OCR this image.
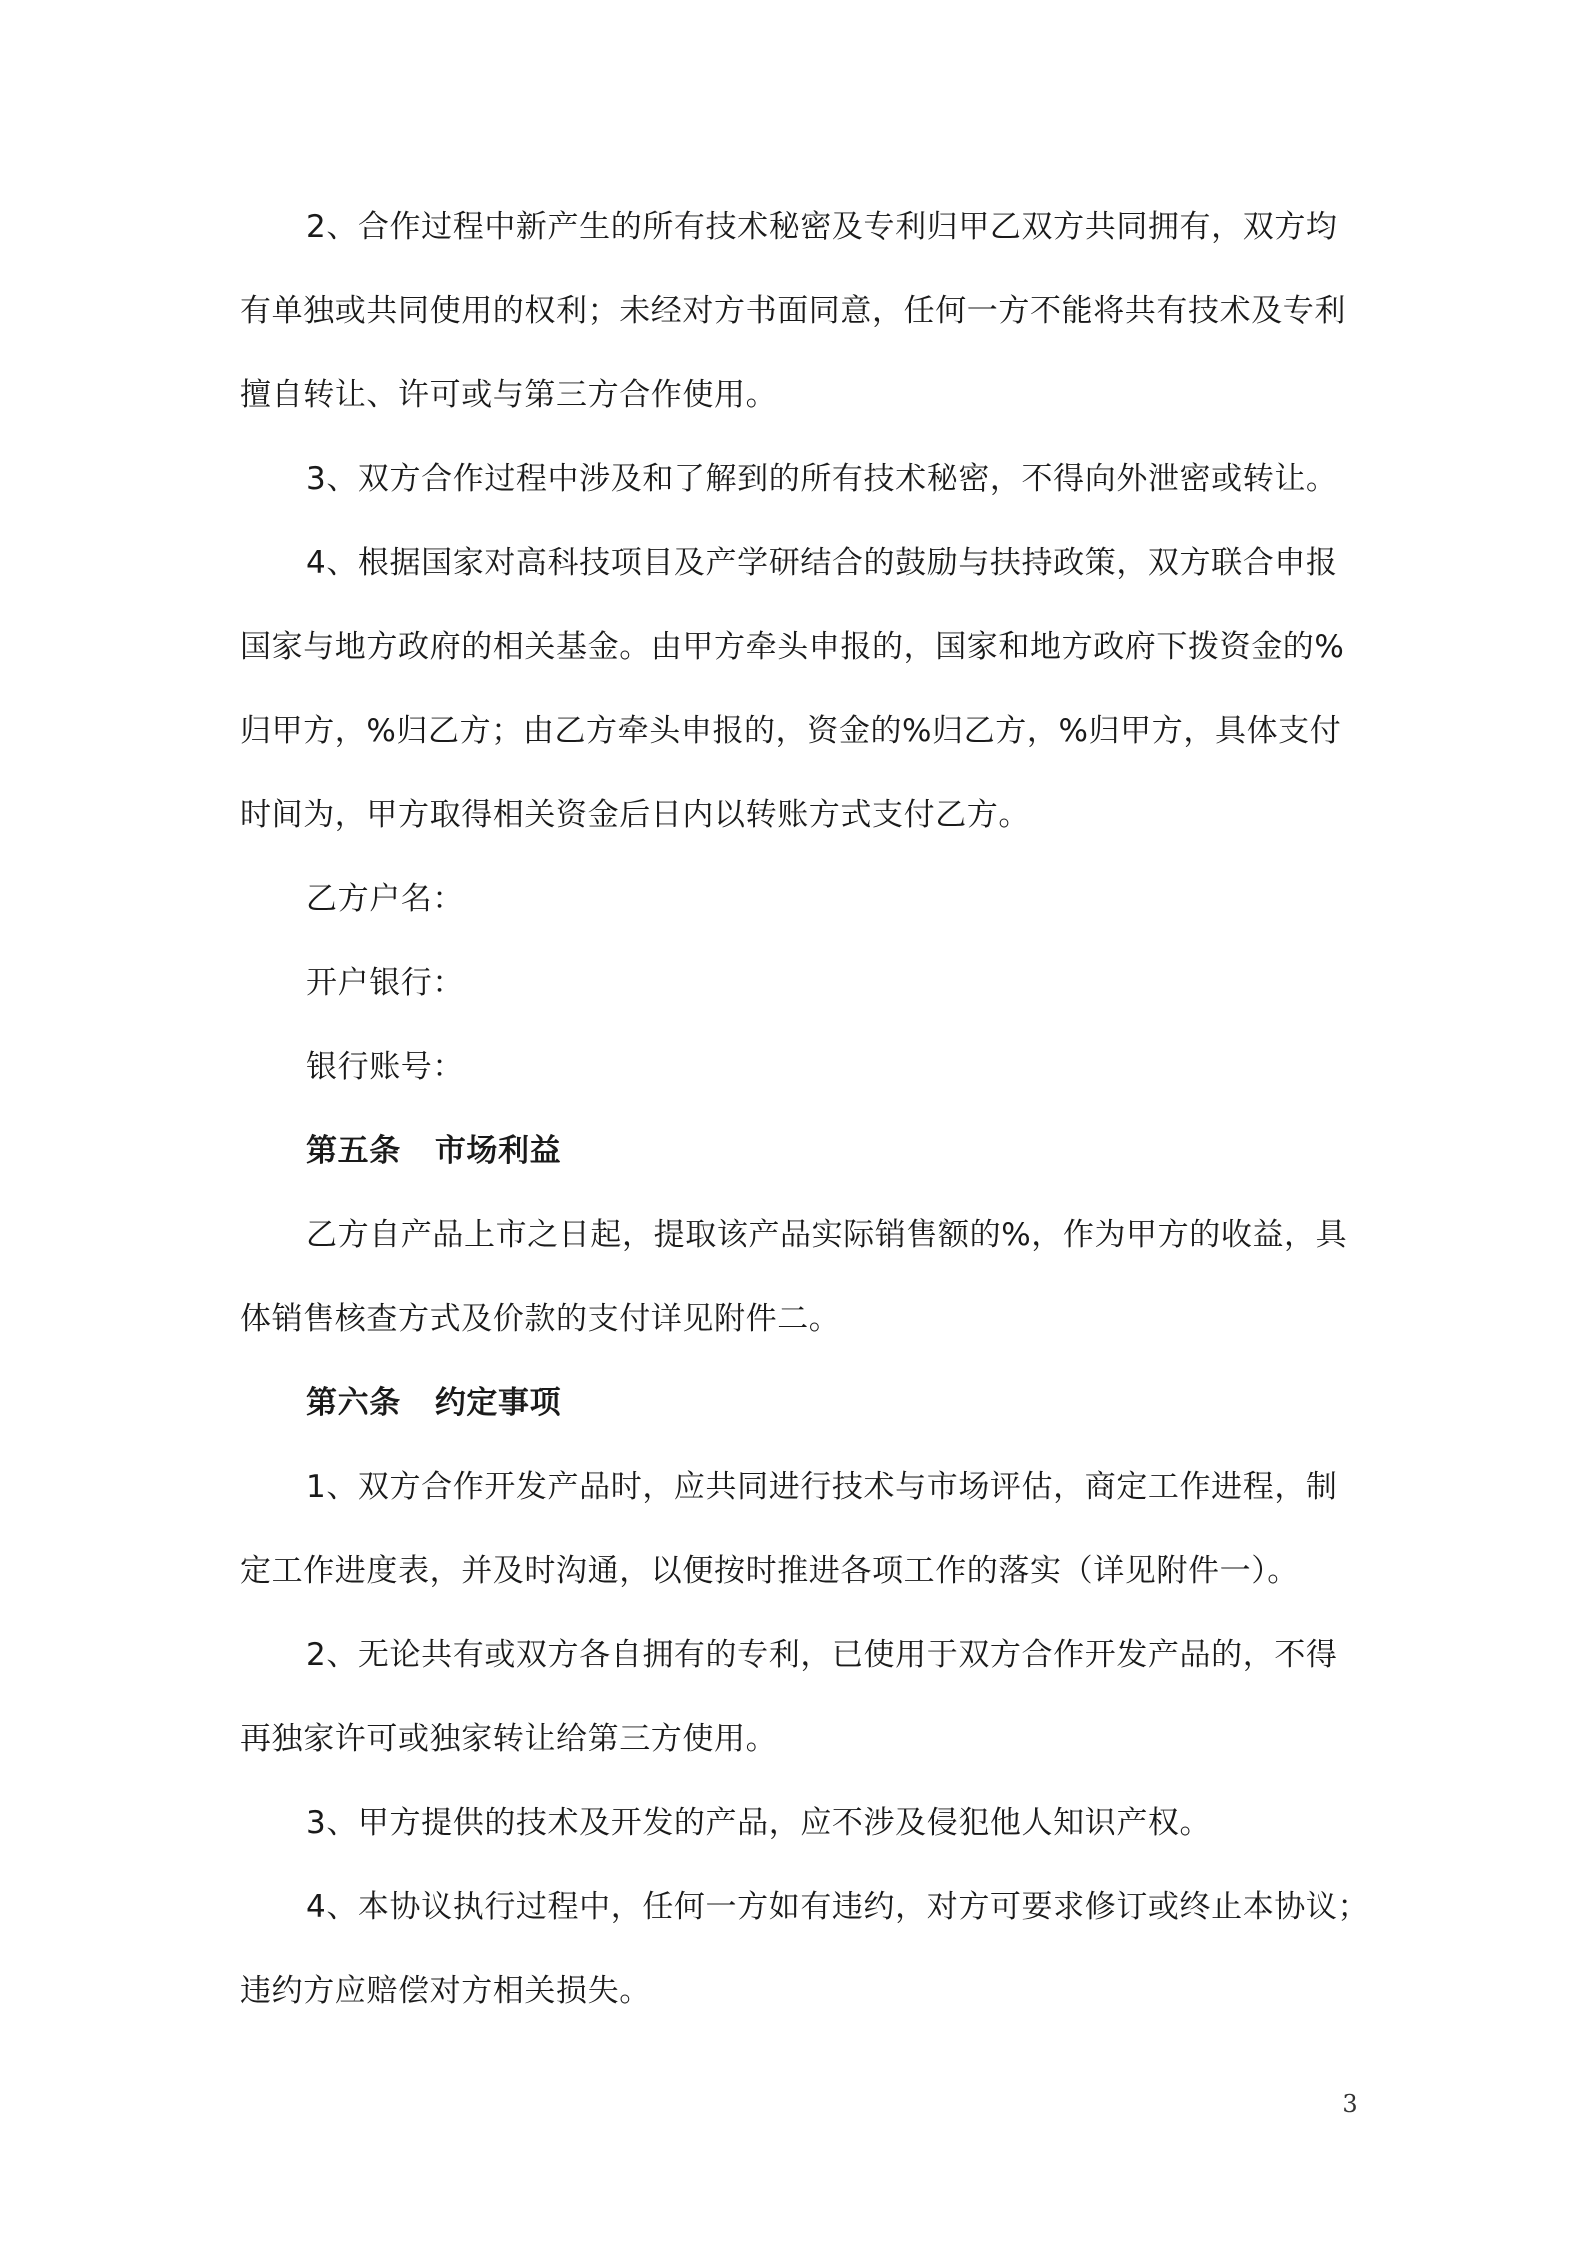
2、合作过程中新产生的所有技术秘密及专利归甲乙双方共同拥有，双方均
有单独或共同使用的权利；未经对方书面同意，任何一方不能将共有技术及专利
擅自转让、许可或与第三方合作使用。
3、双方合作过程中涉及和了解到的所有技术秘密，不得向外泄密或转让。
4、根据国家对高科技项目及产学研结合的鼓励与扶持政策，双方联合申报
国家与地方政府的相关基金。由甲方牵头申报的，国家和地方政府下拨资金的%
归甲方，%归乙方；由乙方牵头申报的，资金的%归乙方，%归甲方，具体支付
时间为，甲方取得相关资金后日内以转账方式支付乙方。
乙方户名：
开户银行：
银行账号：
第五条 市场利益
乙方自产品上市之日起，提取该产品实际销售额的%，作为甲方的收益，具
体销售核查方式及价款的支付详见附件二。
第六条 约定事项
1、双方合作开发产品时，应共同进行技术与市场评估，商定工作进程，制
定工作进度表，并及时沟通，以便按时推进各项工作的落实（详见附件一）。
2、无论共有或双方各自拥有的专利，已使用于双方合作开发产品的，不得
再独家许可或独家转让给第三方使用。
3、甲方提供的技术及开发的产品，应不涉及侵犯他人知识产权。
4、本协议执行过程中，任何一方如有违约，对方可要求修订或终止本协议；
违约方应赔偿对方相关损失。
3
